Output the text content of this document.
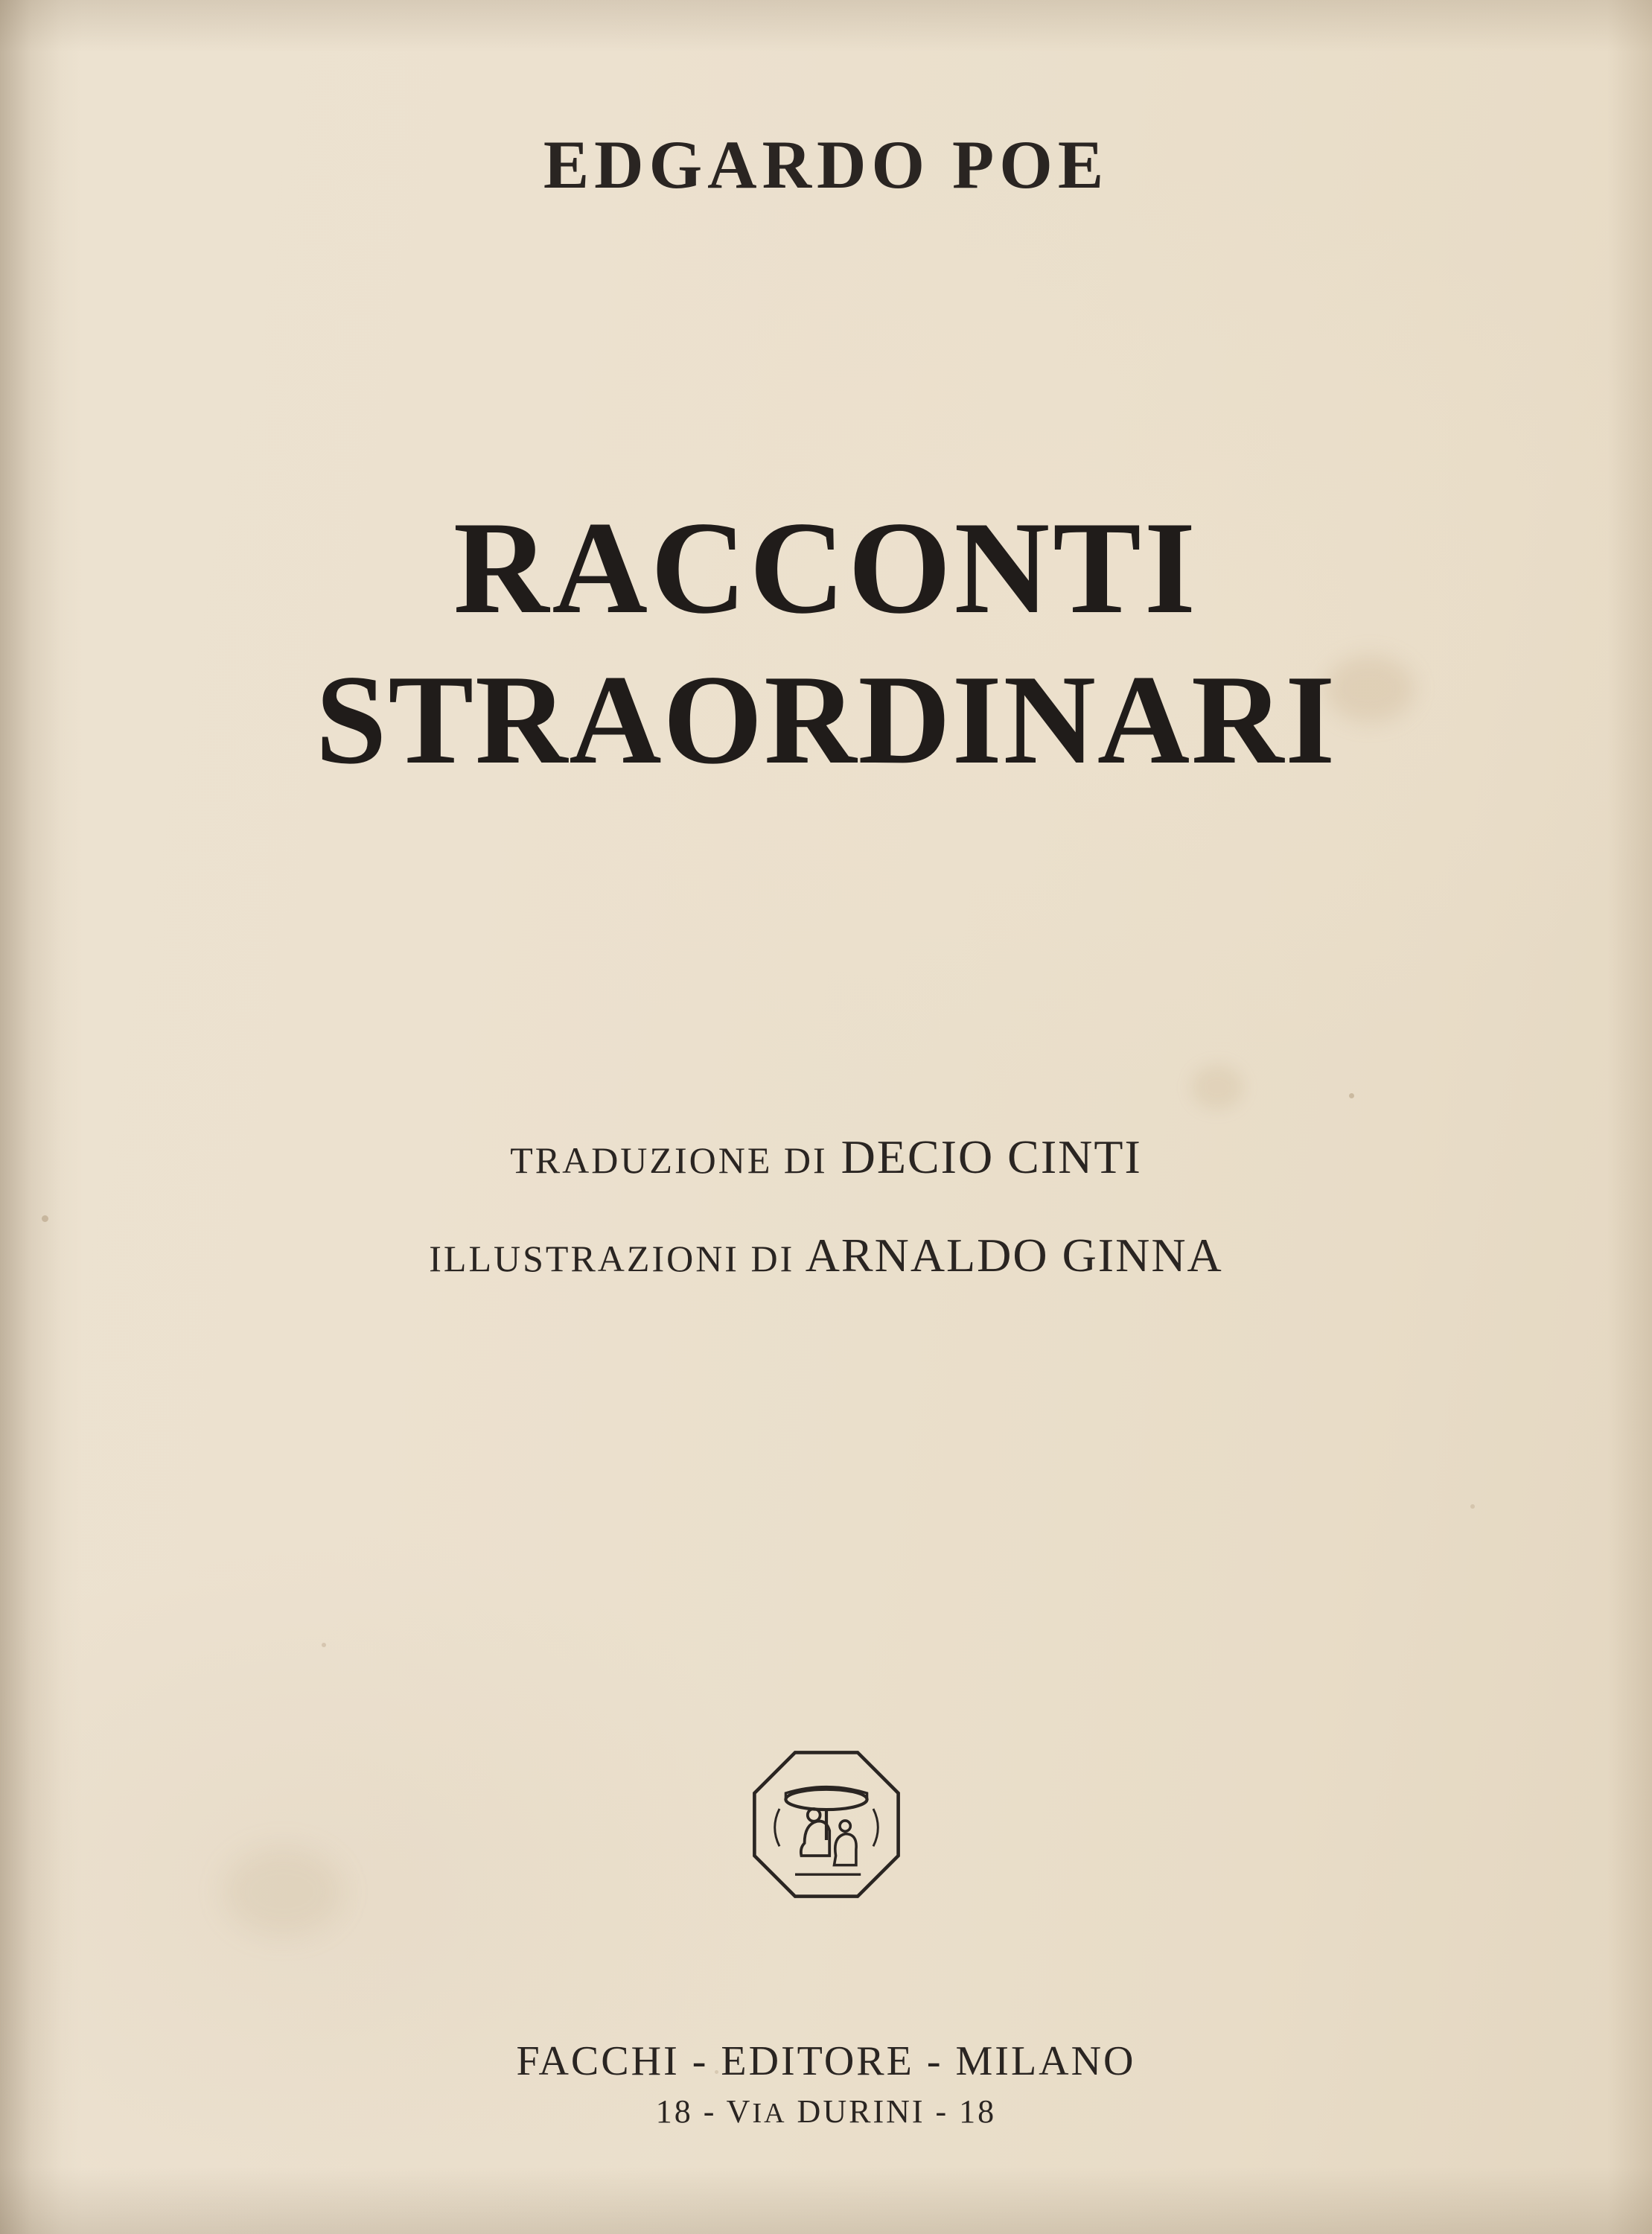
EDGARDO POE
RACCONTI
STRAORDINARI
TRADUZIONE DI DECIO CINTI
ILLUSTRAZIONI DI ARNALDO GINNA
FACCHI - EDITORE - MILANO
18 - VIA DURINI - 18
